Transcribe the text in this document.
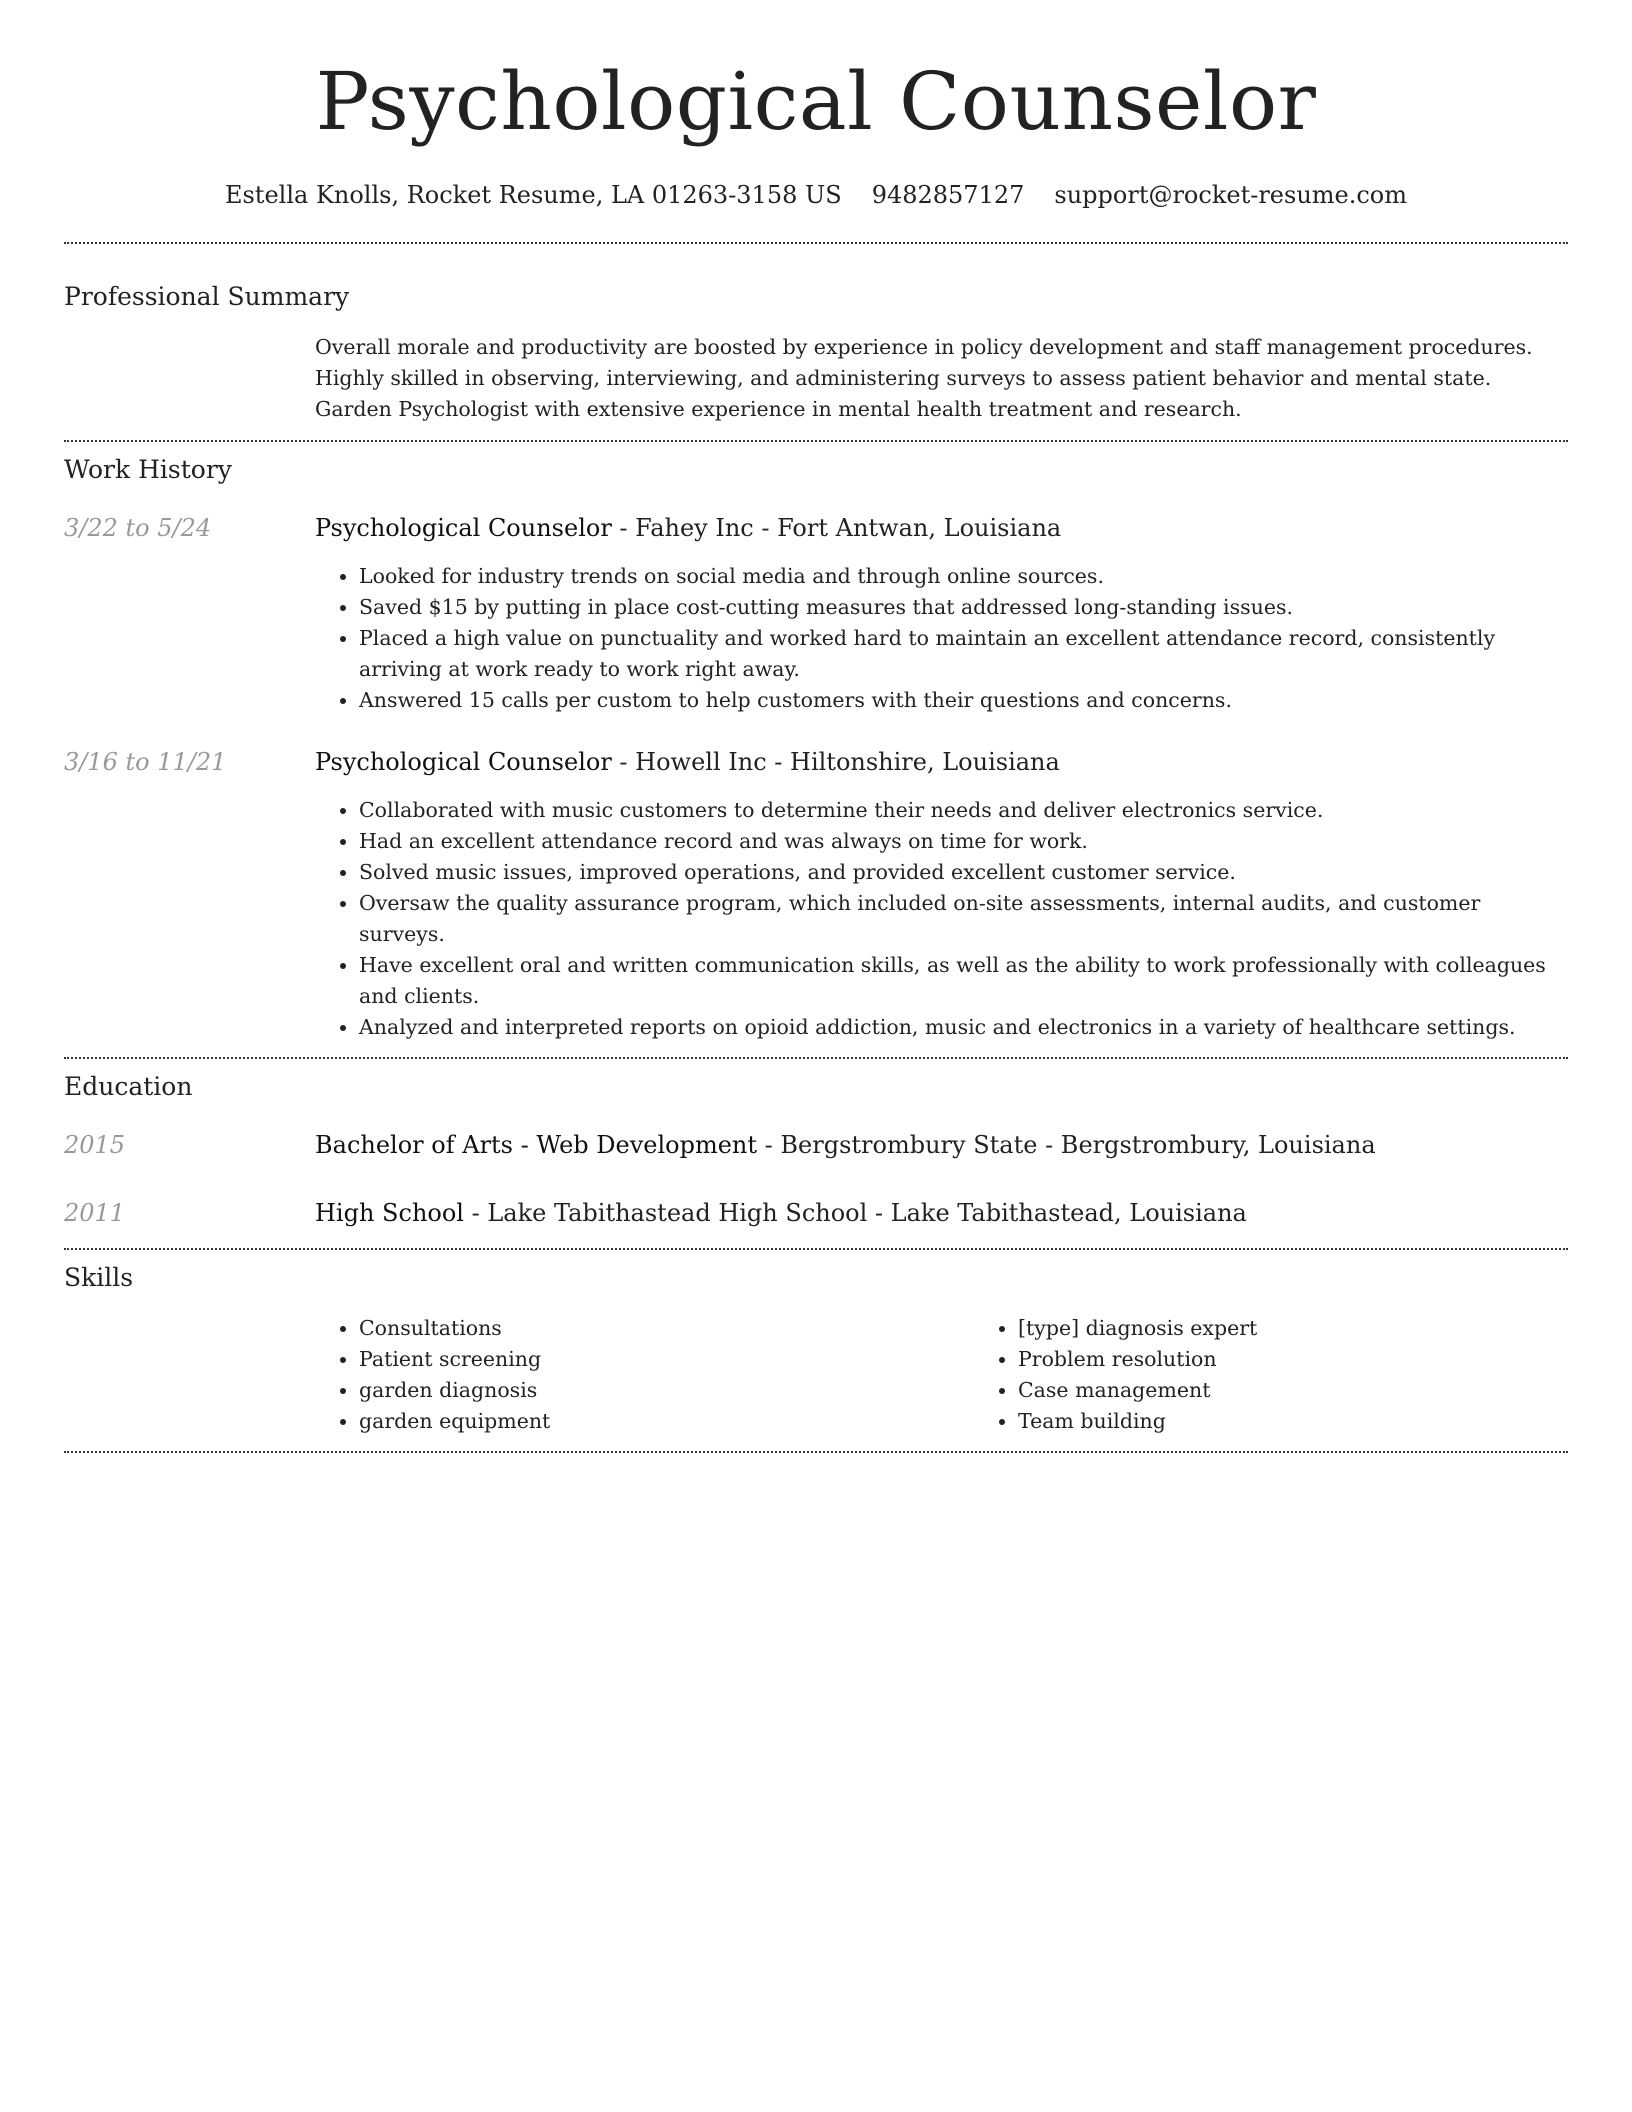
Psychological Counselor
Estella Knolls, Rocket Resume, LA 01263-3158 US 9482857127 support@rocket-resume.com
Professional Summary
Overall morale and productivity are boosted by experience in policy development and staff management procedures. Highly skilled in observing, interviewing, and administering surveys to assess patient behavior and mental state. Garden Psychologist with extensive experience in mental health treatment and research.
Work History
3/22 to 5/24	Psychological Counselor - Fahey Inc - Fort Antwan, Louisiana
• Looked for industry trends on social media and through online sources.
• Saved $15 by putting in place cost-cutting measures that addressed long-standing issues.
• Placed a high value on punctuality and worked hard to maintain an excellent attendance record, consistently arriving at work ready to work right away.
• Answered 15 calls per custom to help customers with their questions and concerns.
3/16 to 11/21	Psychological Counselor - Howell Inc - Hiltonshire, Louisiana
• Collaborated with music customers to determine their needs and deliver electronics service.
• Had an excellent attendance record and was always on time for work.
• Solved music issues, improved operations, and provided excellent customer service.
• Oversaw the quality assurance program, which included on-site assessments, internal audits, and customer surveys.
• Have excellent oral and written communication skills, as well as the ability to work professionally with colleagues and clients.
• Analyzed and interpreted reports on opioid addiction, music and electronics in a variety of healthcare settings.
Education
2015	Bachelor of Arts - Web Development - Bergstrombury State - Bergstrombury, Louisiana
2011	High School - Lake Tabithastead High School - Lake Tabithastead, Louisiana
Skills
• Consultations
• Patient screening
• garden diagnosis
• garden equipment
• [type] diagnosis expert
• Problem resolution
• Case management
• Team building
